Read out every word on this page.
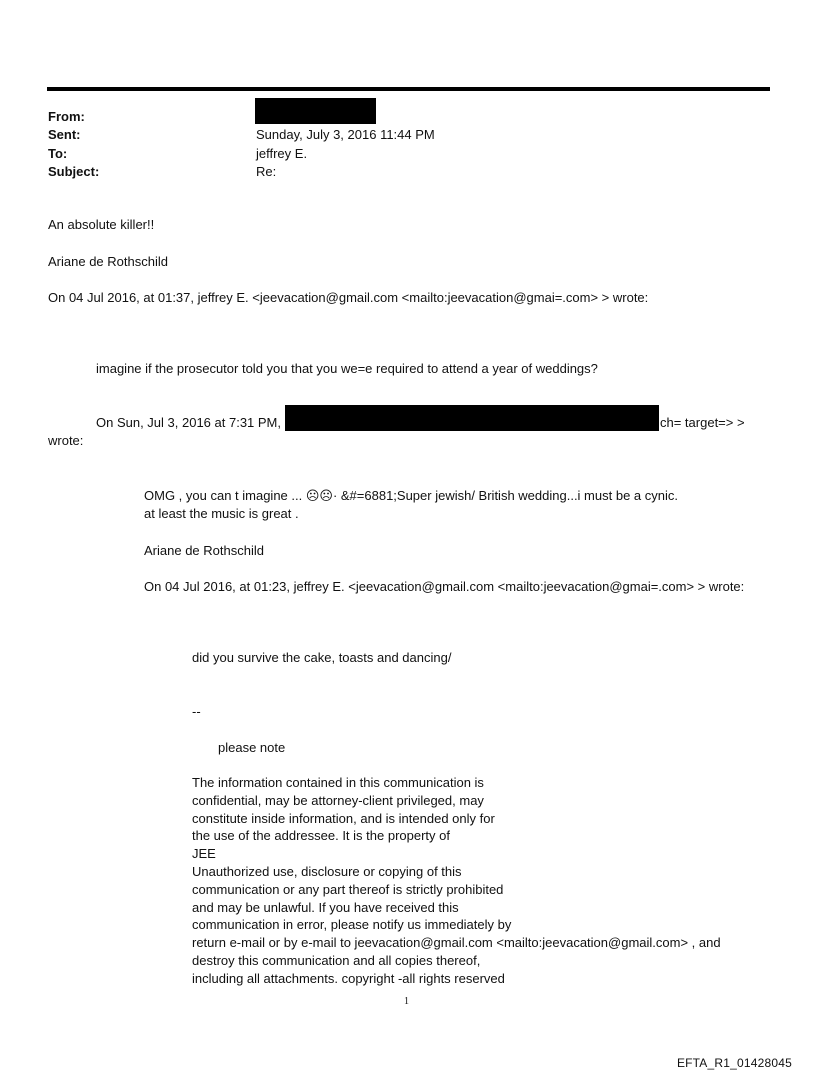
From:
Sent:	Sunday, July 3, 2016 11:44 PM
To:	jeffrey E.
Subject:	Re:
An absolute killer!!
Ariane de Rothschild
On 04 Jul 2016, at 01:37, jeffrey E. <jeevacation@gmail.com <mailto:jeevacation@gmai=.com> > wrote:
imagine if the prosecutor told you that you we=e required to attend a year of weddings?
On Sun, Jul 3, 2016 at 7:31 PM,	ch= target=> >
wrote:
OMG , you can t imagine ... ☹☹· &#=6881;Super jewish/ British wedding...i must be a cynic.
at least the music is great .
Ariane de Rothschild
On 04 Jul 2016, at 01:23, jeffrey E. <jeevacation@gmail.com <mailto:jeevacation@gmai=.com> > wrote:
did you survive the cake, toasts and dancing/
--
please note
The information contained in this communication is
confidential, may be attorney-client privileged, may
constitute inside information, and is intended only for
the use of the addressee. It is the property of
JEE
Unauthorized use, disclosure or copying of this
communication or any part thereof is strictly prohibited
and may be unlawful. If you have received this
communication in error, please notify us immediately by
return e-mail or by e-mail to jeevacation@gmail.com <mailto:jeevacation@gmail.com> , and
destroy this communication and all copies thereof,
including all attachments. copyright -all rights reserved
1
EFTA_R1_01428045
